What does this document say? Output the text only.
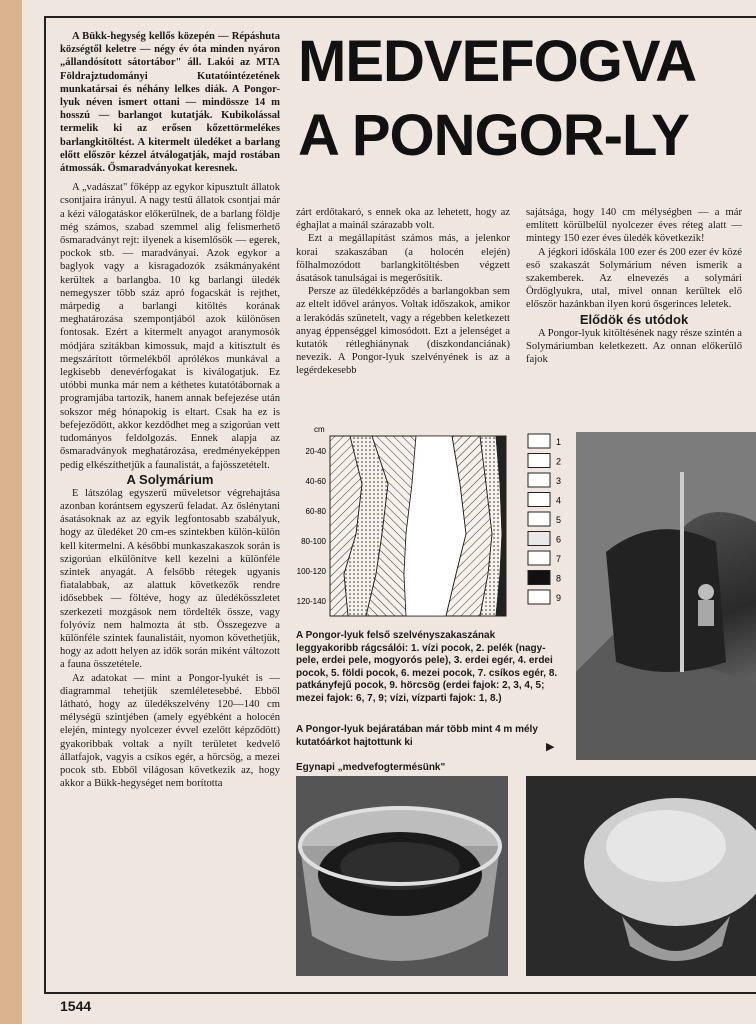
MEDVEFOGVA
A PONGOR-LY

A Bükk-hegység kellős közepén — Répáshuta községtől keletre — négy év óta minden nyáron „állandósított sátortábor" áll. Lakói az MTA Földrajztudományi Kutatóintézetének munkatársai és néhány lelkes diák. A Pongor-lyuk néven ismert ottani — mindössze 14 m hosszú — barlangot kutatják. Kubikolással termelik ki az erősen kőzettörmelékes barlangkitöltést. A kitermelt üledéket a barlang előtt először kézzel átválogatják, majd rostában átmossák. Ősmaradványokat keresnek.

A „vadászat" főképp az egykor kipusztult állatok csontjaira irányul. A nagy testű állatok csontjai már a kézi válogatáskor előkerülnek, de a barlang földje még számos, szabad szemmel alig felismerhető ősmaradványt rejt: ilyenek a kisemlősök — egerek, pockok stb. — maradványai. Azok egykor a baglyok vagy a kisragadozók zsákmányaként kerültek a barlangba. 10 kg barlangi üledék nemegyszer több száz apró fogacskát is rejthet, márpedig a barlangi kitöltés korának meghatározása szempontjából azok különösen fontosak. Ezért a kitermelt anyagot aranymosók módjára szitákban kimossuk, majd a kitisztult és megszárított törmelékből aprólékos munkával a legkisebb denevérfogakat is kiválogatjuk. Ez utóbbi munka már nem a kéthetes kutatótábornak a programjába tartozik, hanem annak befejezése után sokszor még hónapokig is eltart. Csak ha ez is befejeződött, akkor kezdődhet meg a szigorúan vett tudományos feldolgozás. Ennek alapja az ősmaradványok meghatározása, eredményeképpen pedig elkészíthetjük a faunalistát, a fajösszetételt.

A Solymárium

E látszólag egyszerű műveletsor végrehajtása azonban korántsem egyszerű feladat. Az őslénytani ásatásoknak az az egyik legfontosabb szabályuk, hogy az üledéket 20 cm-es szintekben külön-külön kell kitermelni. A későbbi munkaszakaszok során is szigorúan elkülönítve kell kezelni a különféle szintek anyagát. A felsőbb rétegek ugyanis fiatalabbak, az alattuk következők rendre idősebbek — föltéve, hogy az üledékösszletet szerkezeti mozgások nem tördelték össze, vagy folyóvíz nem halmozta át stb. Összegezve a különféle szintek faunalistáit, nyomon követhetjük, hogy az adott helyen az idők során miként változott a fauna összetétele.

Az adatokat — mint a Pongor-lyukét is — diagrammal tehetjük szemléletesebbé. Ebből látható, hogy az üledékszelvény 120—140 cm mélységű szintjében (amely egyébként a holocén elején, mintegy nyolcezer évvel ezelőtt képződött) gyakoribbak voltak a nyílt területet kedvelő állatfajok, vagyis a csíkos egér, a hörcsög, a mezei pocok stb. Ebből világosan következik az, hogy akkor a Bükk-hegységet nem borította

zárt erdőtakaró, s ennek oka az lehetett, hogy az éghajlat a mainál szárazabb volt.

Ezt a megállapítást számos más, a jelenkor korai szakaszában (a holocén elején) fölhalmozódott barlangkitöltésben végzett ásatások tanulságai is megerősítik.

Persze az üledékképződés a barlangokban sem az eltelt idővel arányos. Voltak időszakok, amikor a lerakódás szünetelt, vagy a régebben keletkezett anyag éppenséggel kimosódott. Ezt a jelenséget a kutatók rétleghiánynak (diszkondanciának) nevezik. A Pongor-lyuk szelvényének is az a legérdekesebb

sajátsága, hogy 140 cm mélységben — a már említett körülbelül nyolcezer éves réteg alatt — mintegy 150 ezer éves üledék következik!

A jégkori időskála 100 ezer és 200 ezer év közé eső szakaszát Solymárium néven ismerik a szakemberek. Az elnevezés a solymári Ördöglyukra, utal, mivel onnan kerültek elő először hazánkban ilyen korú ősgerinces leletek.

Elődök és utódok

A Pongor-lyuk kitöltésének nagy része szintén a Solymáriumban keletkezett. Az onnan előkerülő fajok

cm
20-40
40-60
60-80
80-100
100-120
120-140
1
2
3
4
5
6
7
8
9
A Pongor-lyuk felső szelvényszakaszának leggyakoribb rágcsálói: 1. vízi pocok, 2. pelék (nagy-pele, erdei pele, mogyorós pele), 3. erdei egér, 4. erdei pocok, 5. földi pocok, 6. mezei pocok, 7. csíkos egér, 8. patkányfejű pocok, 9. hörcsög (erdei fajok: 2, 3, 4, 5; mezei fajok: 6, 7, 9; vízi, vízparti fajok: 1, 8.)
A Pongor-lyuk bejáratában már több mint 4 m mély kutatóárkot hajtottunk ki	▶
Egynapi „medvefogtermésünk"
1544
